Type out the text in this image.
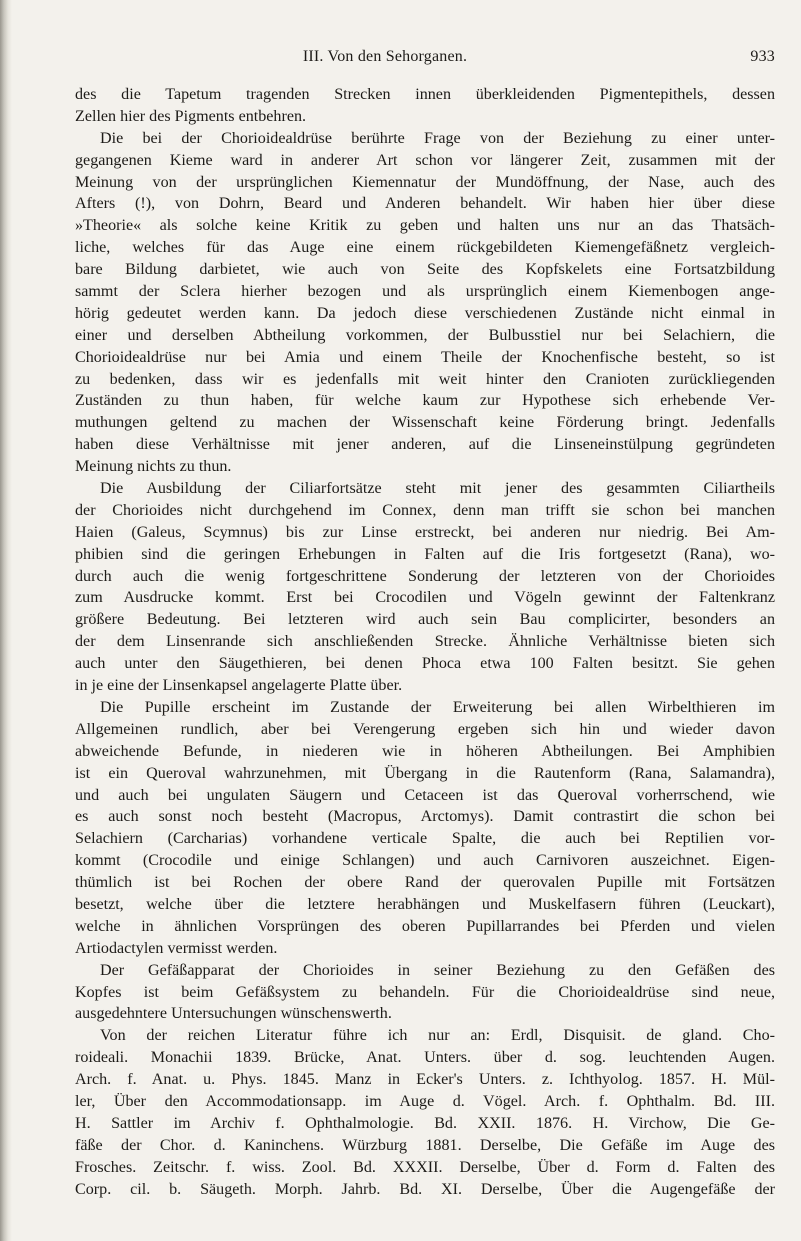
III. Von den Sehorganen.	933
des die Tapetum tragenden Strecken innen überkleidenden Pigmentepithels, dessen
Zellen hier des Pigments entbehren.
Die bei der Chorioidealdrüse berührte Frage von der Beziehung zu einer unter-
gegangenen Kieme ward in anderer Art schon vor längerer Zeit, zusammen mit der
Meinung von der ursprünglichen Kiemennatur der Mundöffnung, der Nase, auch des
Afters (!), von Dohrn, Beard und Anderen behandelt. Wir haben hier über diese
»Theorie« als solche keine Kritik zu geben und halten uns nur an das Thatsäch-
liche, welches für das Auge eine einem rückgebildeten Kiemengefäßnetz vergleich-
bare Bildung darbietet, wie auch von Seite des Kopfskelets eine Fortsatzbildung
sammt der Sclera hierher bezogen und als ursprünglich einem Kiemenbogen ange-
hörig gedeutet werden kann. Da jedoch diese verschiedenen Zustände nicht einmal in
einer und derselben Abtheilung vorkommen, der Bulbusstiel nur bei Selachiern, die
Chorioidealdrüse nur bei Amia und einem Theile der Knochenfische besteht, so ist
zu bedenken, dass wir es jedenfalls mit weit hinter den Cranioten zurückliegenden
Zuständen zu thun haben, für welche kaum zur Hypothese sich erhebende Ver-
muthungen geltend zu machen der Wissenschaft keine Förderung bringt. Jedenfalls
haben diese Verhältnisse mit jener anderen, auf die Linseneinstülpung gegründeten
Meinung nichts zu thun.
Die Ausbildung der Ciliarfortsätze steht mit jener des gesammten Ciliartheils
der Chorioides nicht durchgehend im Connex, denn man trifft sie schon bei manchen
Haien (Galeus, Scymnus) bis zur Linse erstreckt, bei anderen nur niedrig. Bei Am-
phibien sind die geringen Erhebungen in Falten auf die Iris fortgesetzt (Rana), wo-
durch auch die wenig fortgeschrittene Sonderung der letzteren von der Chorioides
zum Ausdrucke kommt. Erst bei Crocodilen und Vögeln gewinnt der Faltenkranz
größere Bedeutung. Bei letzteren wird auch sein Bau complicirter, besonders an
der dem Linsenrande sich anschließenden Strecke. Ähnliche Verhältnisse bieten sich
auch unter den Säugethieren, bei denen Phoca etwa 100 Falten besitzt. Sie gehen
in je eine der Linsenkapsel angelagerte Platte über.
Die Pupille erscheint im Zustande der Erweiterung bei allen Wirbelthieren im
Allgemeinen rundlich, aber bei Verengerung ergeben sich hin und wieder davon
abweichende Befunde, in niederen wie in höheren Abtheilungen. Bei Amphibien
ist ein Queroval wahrzunehmen, mit Übergang in die Rautenform (Rana, Salamandra),
und auch bei ungulaten Säugern und Cetaceen ist das Queroval vorherrschend, wie
es auch sonst noch besteht (Macropus, Arctomys). Damit contrastirt die schon bei
Selachiern (Carcharias) vorhandene verticale Spalte, die auch bei Reptilien vor-
kommt (Crocodile und einige Schlangen) und auch Carnivoren auszeichnet. Eigen-
thümlich ist bei Rochen der obere Rand der querovalen Pupille mit Fortsätzen
besetzt, welche über die letztere herabhängen und Muskelfasern führen (Leuckart),
welche in ähnlichen Vorsprüngen des oberen Pupillarrandes bei Pferden und vielen
Artiodactylen vermisst werden.
Der Gefäßapparat der Chorioides in seiner Beziehung zu den Gefäßen des
Kopfes ist beim Gefäßsystem zu behandeln. Für die Chorioidealdrüse sind neue,
ausgedehntere Untersuchungen wünschenswerth.
Von der reichen Literatur führe ich nur an: Erdl, Disquisit. de gland. Cho-
roideali. Monachii 1839. Brücke, Anat. Unters. über d. sog. leuchtenden Augen.
Arch. f. Anat. u. Phys. 1845. Manz in Ecker's Unters. z. Ichthyolog. 1857. H. Mül-
ler, Über den Accommodationsapp. im Auge d. Vögel. Arch. f. Ophthalm. Bd. III.
H. Sattler im Archiv f. Ophthalmologie. Bd. XXII. 1876. H. Virchow, Die Ge-
fäße der Chor. d. Kaninchens. Würzburg 1881. Derselbe, Die Gefäße im Auge des
Frosches. Zeitschr. f. wiss. Zool. Bd. XXXII. Derselbe, Über d. Form d. Falten des
Corp. cil. b. Säugeth. Morph. Jahrb. Bd. XI. Derselbe, Über die Augengefäße der
